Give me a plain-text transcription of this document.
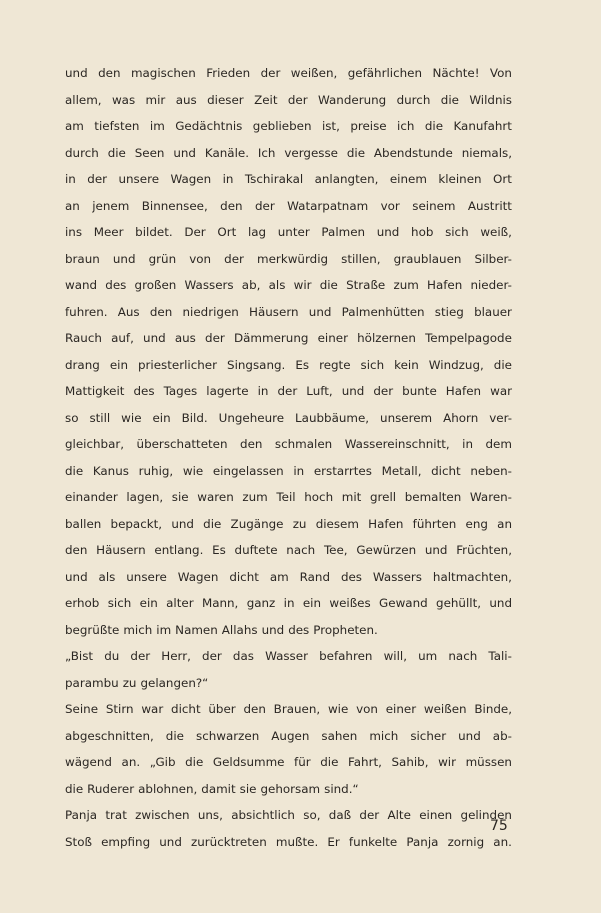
und den magischen Frieden der weißen, gefährlichen Nächte! Von
allem, was mir aus dieser Zeit der Wanderung durch die Wildnis
am tiefsten im Gedächtnis geblieben ist, preise ich die Kanufahrt
durch die Seen und Kanäle. Ich vergesse die Abendstunde niemals,
in der unsere Wagen in Tschirakal anlangten, einem kleinen Ort
an jenem Binnensee, den der Watarpatnam vor seinem Austritt
ins Meer bildet. Der Ort lag unter Palmen und hob sich weiß,
braun und grün von der merkwürdig stillen, graublauen Silber-
wand des großen Wassers ab, als wir die Straße zum Hafen nieder-
fuhren. Aus den niedrigen Häusern und Palmenhütten stieg blauer
Rauch auf, und aus der Dämmerung einer hölzernen Tempelpagode
drang ein priesterlicher Singsang. Es regte sich kein Windzug, die
Mattigkeit des Tages lagerte in der Luft, und der bunte Hafen war
so still wie ein Bild. Ungeheure Laubbäume, unserem Ahorn ver-
gleichbar, überschatteten den schmalen Wassereinschnitt, in dem
die Kanus ruhig, wie eingelassen in erstarrtes Metall, dicht neben-
einander lagen, sie waren zum Teil hoch mit grell bemalten Waren-
ballen bepackt, und die Zugänge zu diesem Hafen führten eng an
den Häusern entlang. Es duftete nach Tee, Gewürzen und Früchten,
und als unsere Wagen dicht am Rand des Wassers haltmachten,
erhob sich ein alter Mann, ganz in ein weißes Gewand gehüllt, und
begrüßte mich im Namen Allahs und des Propheten.
„Bist du der Herr, der das Wasser befahren will, um nach Tali-
parambu zu gelangen?“
Seine Stirn war dicht über den Brauen, wie von einer weißen Binde,
abgeschnitten, die schwarzen Augen sahen mich sicher und ab-
wägend an. „Gib die Geldsumme für die Fahrt, Sahib, wir müssen
die Ruderer ablohnen, damit sie gehorsam sind.“
Panja trat zwischen uns, absichtlich so, daß der Alte einen gelinden
Stoß empfing und zurücktreten mußte. Er funkelte Panja zornig an.
75
